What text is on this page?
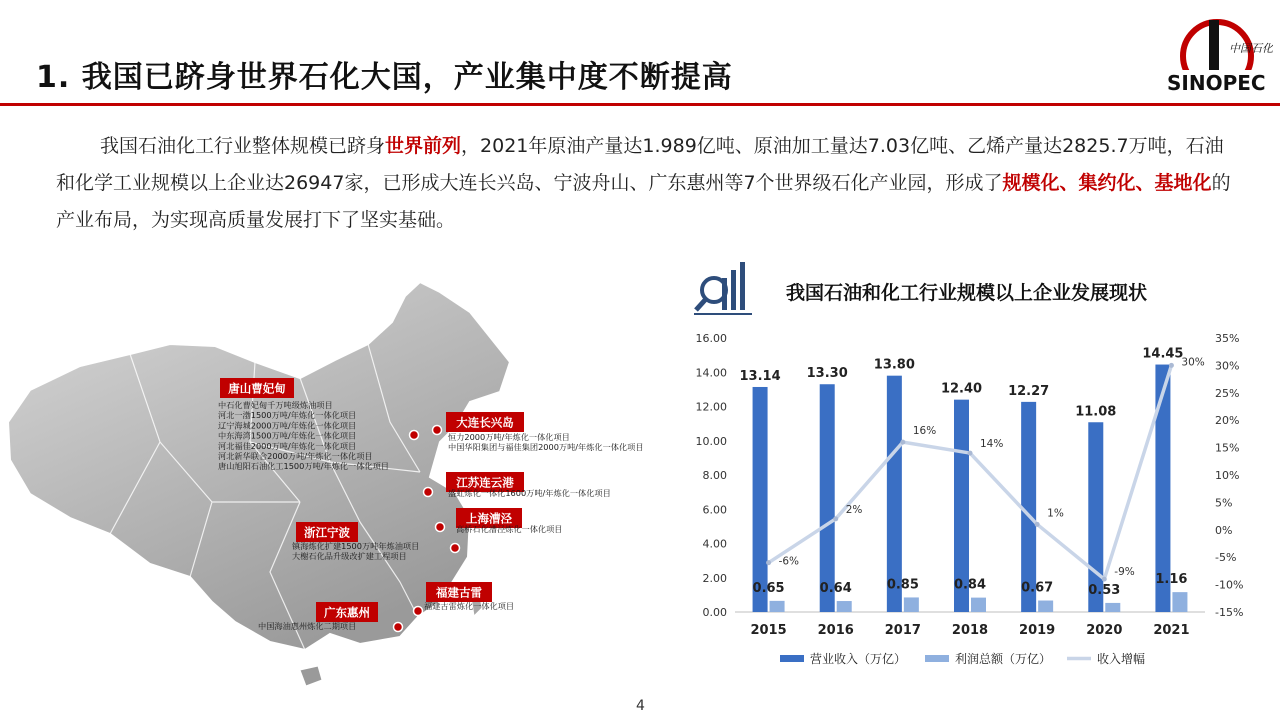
1. 我国已跻身世界石化大国，产业集中度不断提高
中国石化
SINOPEC
我国石油化工行业整体规模已跻身世界前列，2021年原油产量达1.989亿吨、原油加工量达7.03亿吨、乙烯产量达2825.7万吨，石油和化学工业规模以上企业达26947家，已形成大连长兴岛、宁波舟山、广东惠州等7个世界级石化产业园，形成了规模化、集约化、基地化的产业布局，为实现高质量发展打下了坚实基础。
唐山曹妃甸
中石化曹妃甸千万吨级炼油项目
河北一渤1500万吨/年炼化一体化项目
辽宁海城2000万吨/年炼化一体化项目
中东海湾1500万吨/年炼化一体化项目
河北福佳2000万吨/年炼化一体化项目
河北新华联合2000万吨/年炼化一体化项目
唐山旭阳石油化工1500万吨/年炼化一体化项目
大连长兴岛
恒力2000万吨/年炼化一体化项目
中国华阳集团与福佳集团2000万吨/年炼化一体化项目
江苏连云港
盛虹炼化一体化1600万吨/年炼化一体化项目
上海漕泾
高桥石化漕泾炼化一体化项目
浙江宁波
镇海炼化扩建1500万吨年炼油项目
大榭石化品升级改扩建工程项目
福建古雷
福建古雷炼化一体化项目
广东惠州
中国海油惠州炼化二期项目
我国石油和化工行业规模以上企业发展现状
0.00
2.00
4.00
6.00
8.00
10.00
12.00
14.00
16.00
-15%
-10%
-5%
0%
5%
10%
15%
20%
25%
30%
35%
2015
13.14
0.65
2016
13.30
0.64
2017
13.80
0.85
2018
12.40
0.84
2019
12.27
0.67
2020
11.08
0.53
2021
14.45
1.16
-6%
2%
16%
14%
1%
-9%
30%
营业收入（万亿）	利润总额（万亿）	收入增幅
4
